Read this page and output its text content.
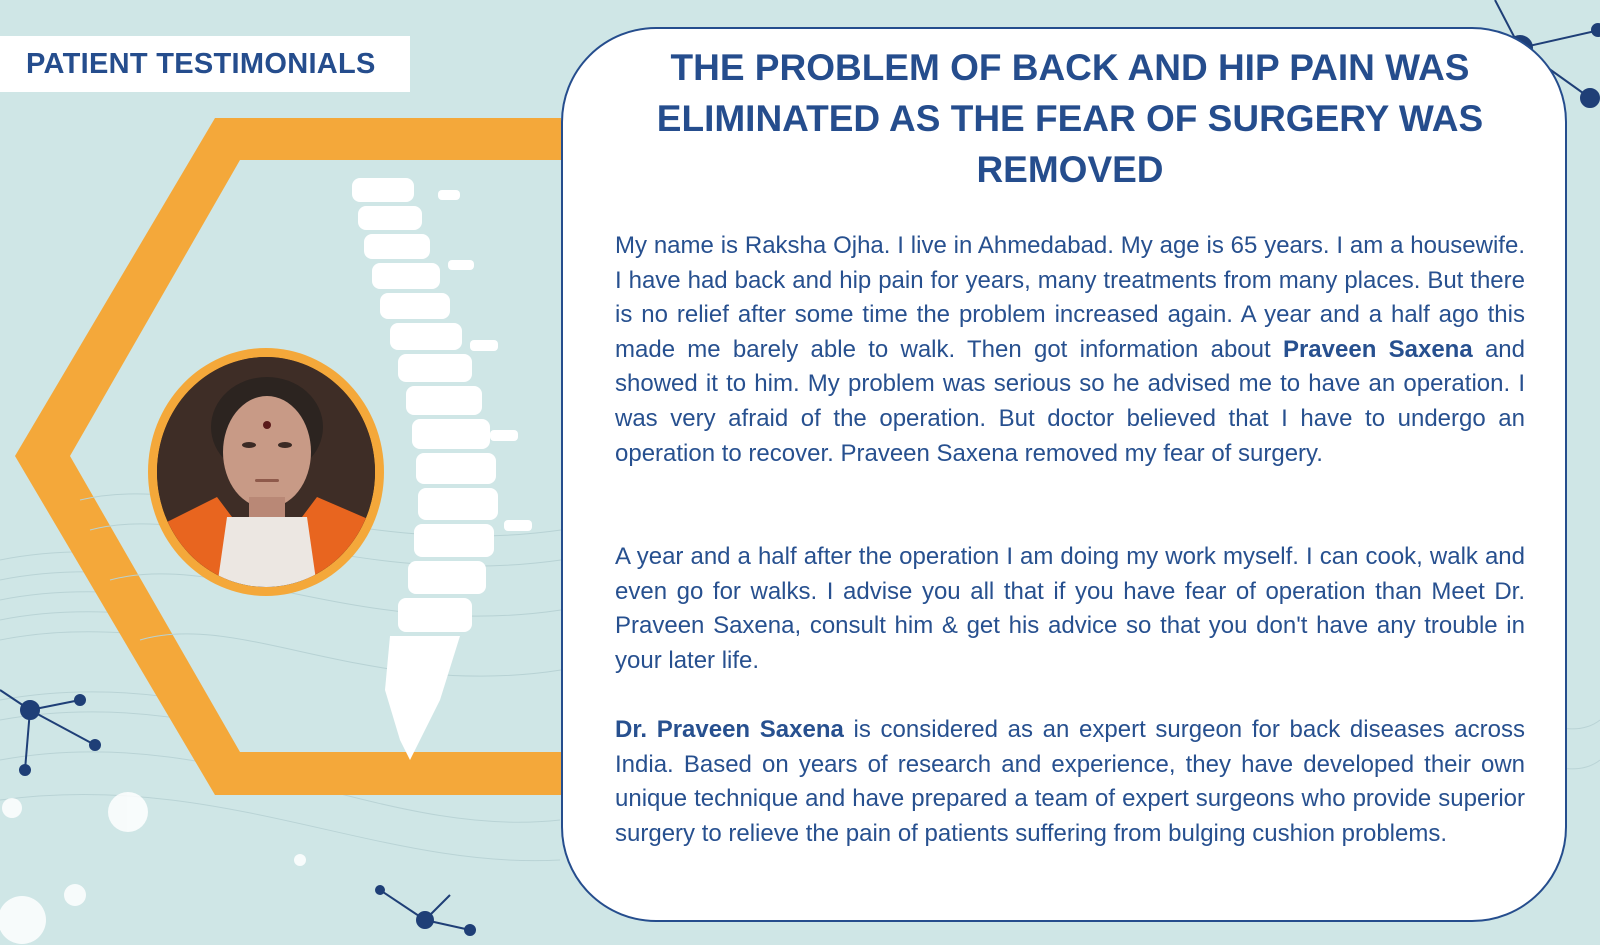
PATIENT TESTIMONIALS	THE PROBLEM OF BACK AND HIP PAIN WAS ELIMINATED AS THE FEAR OF SURGERY WAS REMOVED
My name is Raksha Ojha. I live in Ahmedabad. My age is 65 years. I am a housewife. I have had back and hip pain for years, many treatments from many places. But there is no relief after some time the problem increased again. A year and a half ago this made me barely able to walk. Then got information about Praveen Saxena and showed it to him. My problem was serious so he advised me to have an operation. I was very afraid of the operation. But doctor believed that I have to undergo an operation to recover. Praveen Saxena removed my fear of surgery.
A year and a half after the operation I am doing my work myself. I can cook, walk and even go for walks. I advise you all that if you have fear of operation than Meet Dr. Praveen Saxena, consult him & get his advice so that you don't have any trouble in your later life.
Dr. Praveen Saxena is considered as an expert surgeon for back diseases across India. Based on years of research and experience, they have developed their own unique technique and have prepared a team of expert surgeons who provide superior surgery to relieve the pain of patients suffering from bulging cushion problems.
